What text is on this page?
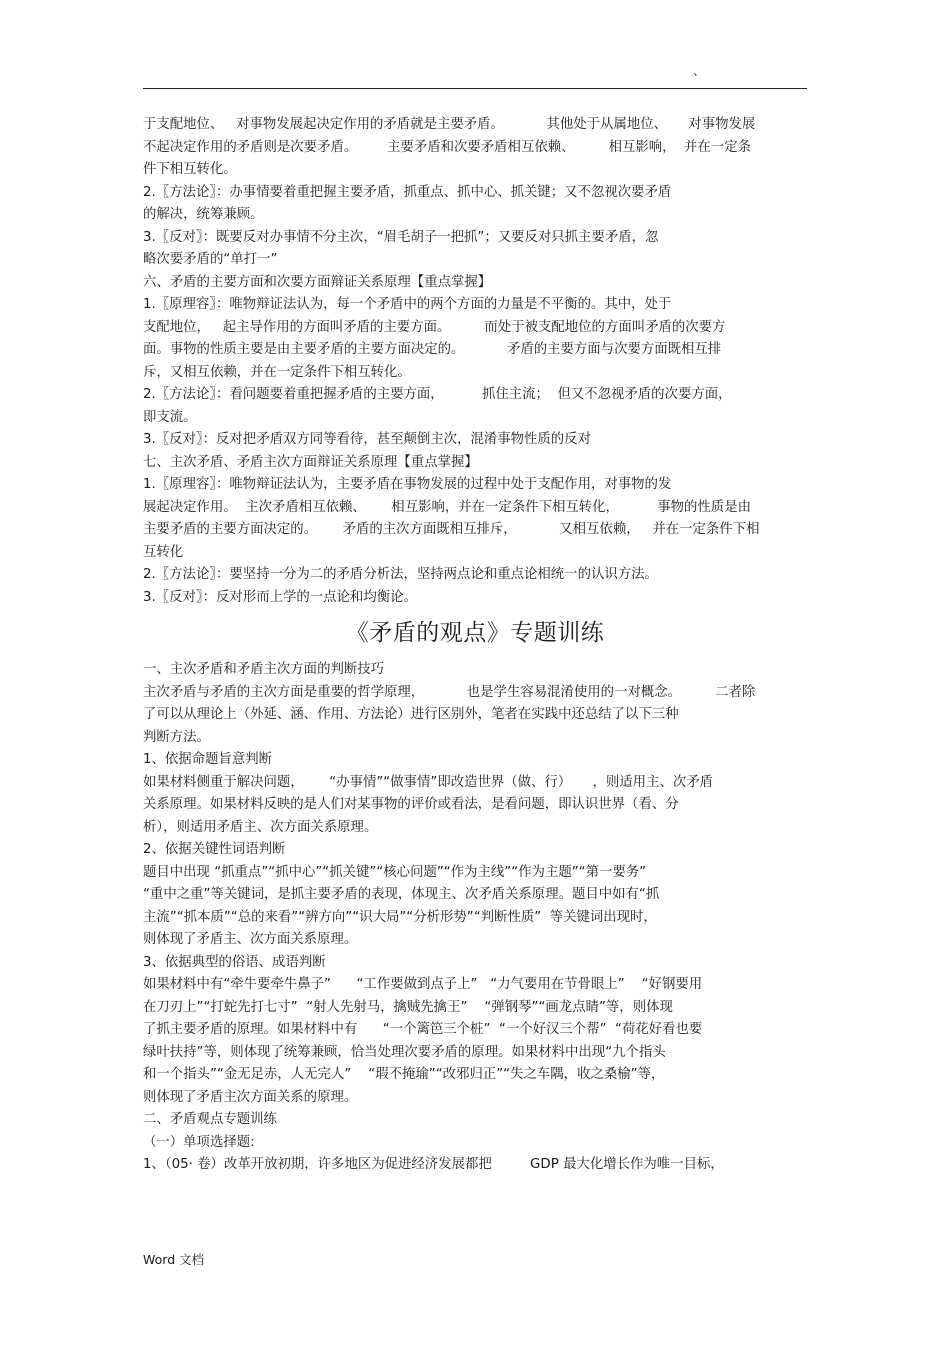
、
于支配地位、   对事物发展起决定作用的矛盾就是主要矛盾。          其他处于从属地位、     对事物发展
不起决定作用的矛盾则是次要矛盾。       主要矛盾和次要矛盾相互依赖、        相互影响，  并在一定条
件下相互转化。
2.〖方法论〗：办事情要着重把握主要矛盾，抓重点、抓中心、抓关键；又不忽视次要矛盾
的解决，统筹兼顾。
3.〖反对〗：既要反对办事情不分主次，“眉毛胡子一把抓”；又要反对只抓主要矛盾，忽
略次要矛盾的“单打一”
六、矛盾的主要方面和次要方面辩证关系原理【重点掌握】
1.〖原理容〗：唯物辩证法认为，每一个矛盾中的两个方面的力量是不平衡的。其中，处于
支配地位，   起主导作用的方面叫矛盾的主要方面。        而处于被支配地位的方面叫矛盾的次要方
面。事物的性质主要是由主要矛盾的主要方面决定的。          矛盾的主要方面与次要方面既相互排
斥，又相互依赖，并在一定条件下相互转化。
2.〖方法论〗：看问题要着重把握矛盾的主要方面，         抓住主流；  但又不忽视矛盾的次要方面，
即支流。
3.〖反对〗：反对把矛盾双方同等看待，甚至颠倒主次，混淆事物性质的反对
七、主次矛盾、矛盾主次方面辩证关系原理【重点掌握】
1.〖原理容〗：唯物辩证法认为，主要矛盾在事物发展的过程中处于支配作用，对事物的发
展起决定作用。  主次矛盾相互依赖、      相互影响，并在一定条件下相互转化，         事物的性质是由
主要矛盾的主要方面决定的。      矛盾的主次方面既相互排斥，          又相互依赖，   并在一定条件下相
互转化
2.〖方法论〗：要坚持一分为二的矛盾分析法，坚持两点论和重点论相统一的认识方法。
3.〖反对〗：反对形而上学的一点论和均衡论。
《矛盾的观点》专题训练
一、主次矛盾和矛盾主次方面的判断技巧
主次矛盾与矛盾的主次方面是重要的哲学原理，          也是学生容易混淆使用的一对概念。        二者除
了可以从理论上（外延、涵、作用、方法论）进行区别外，笔者在实践中还总结了以下三种
判断方法。
1、依据命题旨意判断
如果材料侧重于解决问题，      “办事情”“做事情”即改造世界（做、行）     ，则适用主、次矛盾
关系原理。如果材料反映的是人们对某事物的评价或看法，是看问题，即认识世界（看、分
析），则适用矛盾主、次方面关系原理。
2、依据关键性词语判断
题目中出现 “抓重点”“抓中心”“抓关键”“核心问题”“作为主线”“作为主题”“第一要务”
“重中之重”等关键词，是抓主要矛盾的表现，体现主、次矛盾关系原理。题目中如有“抓
主流”“抓本质”“总的来看”“辨方向”“识大局”“分析形势”“判断性质”  等关键词出现时，
则体现了矛盾主、次方面关系原理。
3、依据典型的俗语、成语判断
如果材料中有“牵牛要牵牛鼻子”      “工作要做到点子上”   “力气要用在节骨眼上”    “好钢要用
在刀刃上”“打蛇先打七寸”  “射人先射马，擒贼先擒王”    “弹钢琴”“画龙点睛”等，则体现
了抓主要矛盾的原理。如果材料中有      “一个篱笆三个桩”  “一个好汉三个帮”  “荷花好看也要
绿叶扶持”等，则体现了统筹兼顾，恰当处理次要矛盾的原理。如果材料中出现“九个指头
和一个指头”“金无足赤，人无完人”    “瑕不掩瑜”“改邪归正”“失之车隅，收之桑榆”等，
则体现了矛盾主次方面关系的原理。
二、矛盾观点专题训练
（一）单项选择题:
1、（05· 卷）改革开放初期，许多地区为促进经济发展都把         GDP 最大化增长作为唯一目标，
Word 文档
